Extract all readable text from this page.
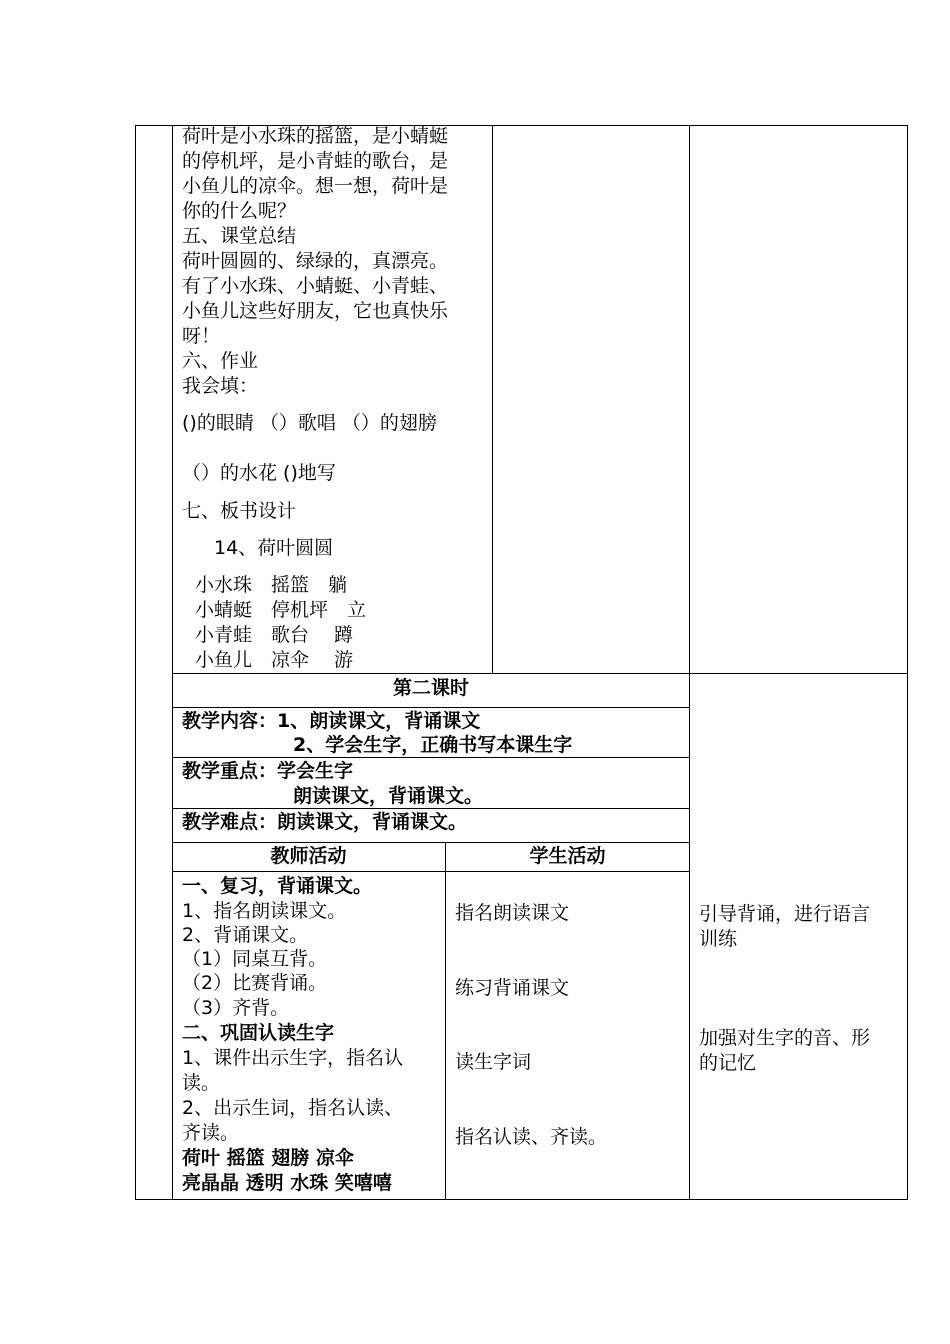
荷叶是小水珠的摇篮，是小蜻蜓
的停机坪，是小青蛙的歌台，是
小鱼儿的凉伞。想一想，荷叶是
你的什么呢？
五、课堂总结
荷叶圆圆的、绿绿的，真漂亮。
有了小水珠、小蜻蜓、小青蛙、
小鱼儿这些好朋友，它也真快乐
呀！
六、作业
我会填：
()的眼睛 （）歌唱 （）的翅膀
（）的水花 ()地写
七、板书设计
14、荷叶圆圆
小水珠　摇篮　躺
小蜻蜓　停机坪　立
小青蛙　歌台　 蹲
小鱼儿　凉伞　 游
第二课时
教学内容： 1、朗读课文，背诵课文
2、学会生字，正确书写本课生字
教学重点： 学会生字
朗读课文，背诵课文。
教学难点： 朗读课文，背诵课文。
教师活动	学生活动
一、复习，背诵课文。
1、指名朗读课文。
2、背诵课文。
（1）同桌互背。
（2）比赛背诵。
（3）齐背。
二、巩固认读生字
1、课件出示生字，指名认
读。
2、出示生词，指名认读、
齐读。
荷叶 摇篮 翅膀 凉伞
亮晶晶 透明 水珠 笑嘻嘻
指名朗读课文
练习背诵课文
读生字词
指名认读、齐读。
引导背诵，进行语言
训练
加强对生字的音、形
的记忆
